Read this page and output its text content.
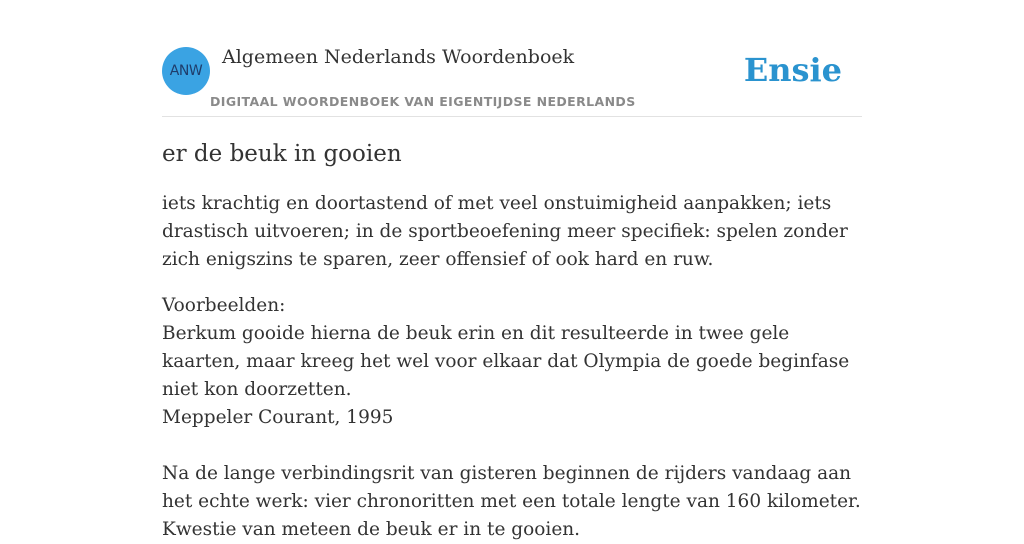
ANW
Algemeen Nederlands Woordenboek
DIGITAAL WOORDENBOEK VAN EIGENTIJDSE NEDERLANDS
Ensie
er de beuk in gooien

iets krachtig en doortastend of met veel onstuimigheid aanpakken; iets drastisch uitvoeren; in de sportbeoefening meer specifiek: spelen zonder zich enigszins te sparen, zeer offensief of ook hard en ruw.

Voorbeelden:
Berkum gooide hierna de beuk erin en dit resulteerde in twee gele kaarten, maar kreeg het wel voor elkaar dat Olympia de goede beginfase niet kon doorzetten.
Meppeler Courant, 1995
Na de lange verbindingsrit van gisteren beginnen de rijders vandaag aan het echte werk: vier chronoritten met een totale lengte van 160 kilometer. Kwestie van meteen de beuk er in te gooien.
